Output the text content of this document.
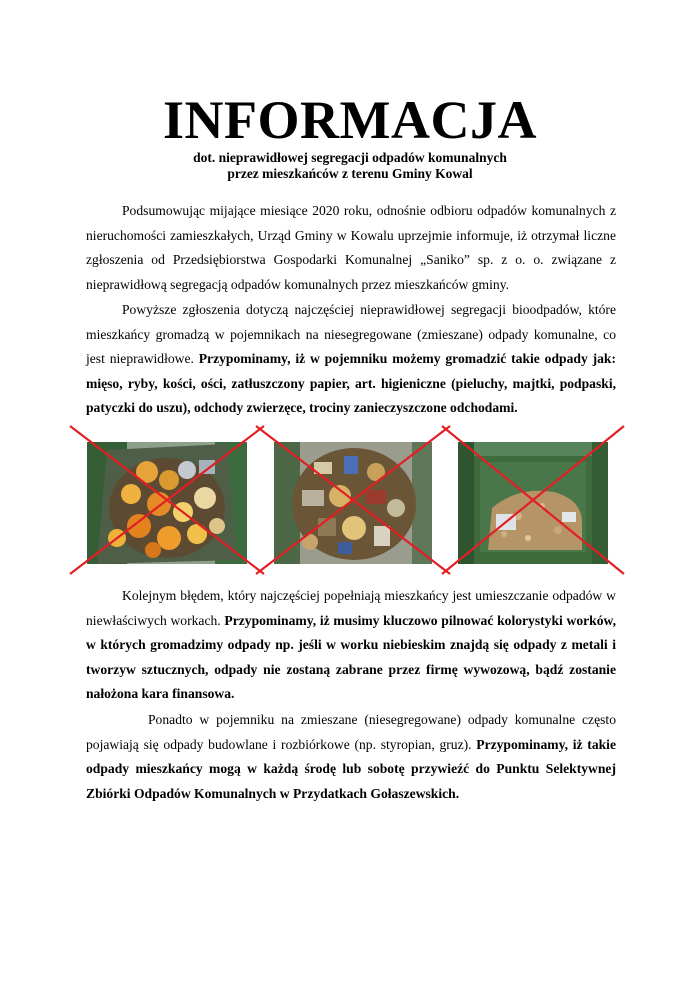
INFORMACJA
dot. nieprawidłowej segregacji odpadów komunalnych
przez mieszkańców z terenu Gminy Kowal
Podsumowując mijające miesiące 2020 roku, odnośnie odbioru odpadów komunalnych z nieruchomości zamieszkałych, Urząd Gminy w Kowalu uprzejmie informuje, iż otrzymał liczne zgłoszenia od Przedsiębiorstwa Gospodarki Komunalnej „Saniko” sp. z o. o. związane z nieprawidłową segregacją odpadów komunalnych przez mieszkańców gminy.
Powyższe zgłoszenia dotyczą najczęściej nieprawidłowej segregacji bioodpadów, które mieszkańcy gromadzą w pojemnikach na niesegregowane (zmieszane) odpady komunalne, co jest nieprawidłowe. Przypominamy, iż w pojemniku możemy gromadzić takie odpady jak: mięso, ryby, kości, ości, zatłuszczony papier, art. higieniczne (pieluchy, majtki, podpaski, patyczki do uszu), odchody zwierzęce, trociny zanieczyszczone odchodami.
Kolejnym błędem, który najczęściej popełniają mieszkańcy jest umieszczanie odpadów w niewłaściwych workach. Przypominamy, iż musimy kluczowo pilnować kolorystyki worków, w których gromadzimy odpady np. jeśli w worku niebieskim znajdą się odpady z metali i tworzyw sztucznych, odpady nie zostaną zabrane przez firmę wywozową, bądź zostanie nałożona kara finansowa.
Ponadto w pojemniku na zmieszane (niesegregowane) odpady komunalne często pojawiają się odpady budowlane i rozbiórkowe (np. styropian, gruz). Przypominamy, iż takie odpady mieszkańcy mogą w każdą środę lub sobotę przywieźć do Punktu Selektywnej Zbiórki Odpadów Komunalnych w Przydatkach Gołaszewskich.
